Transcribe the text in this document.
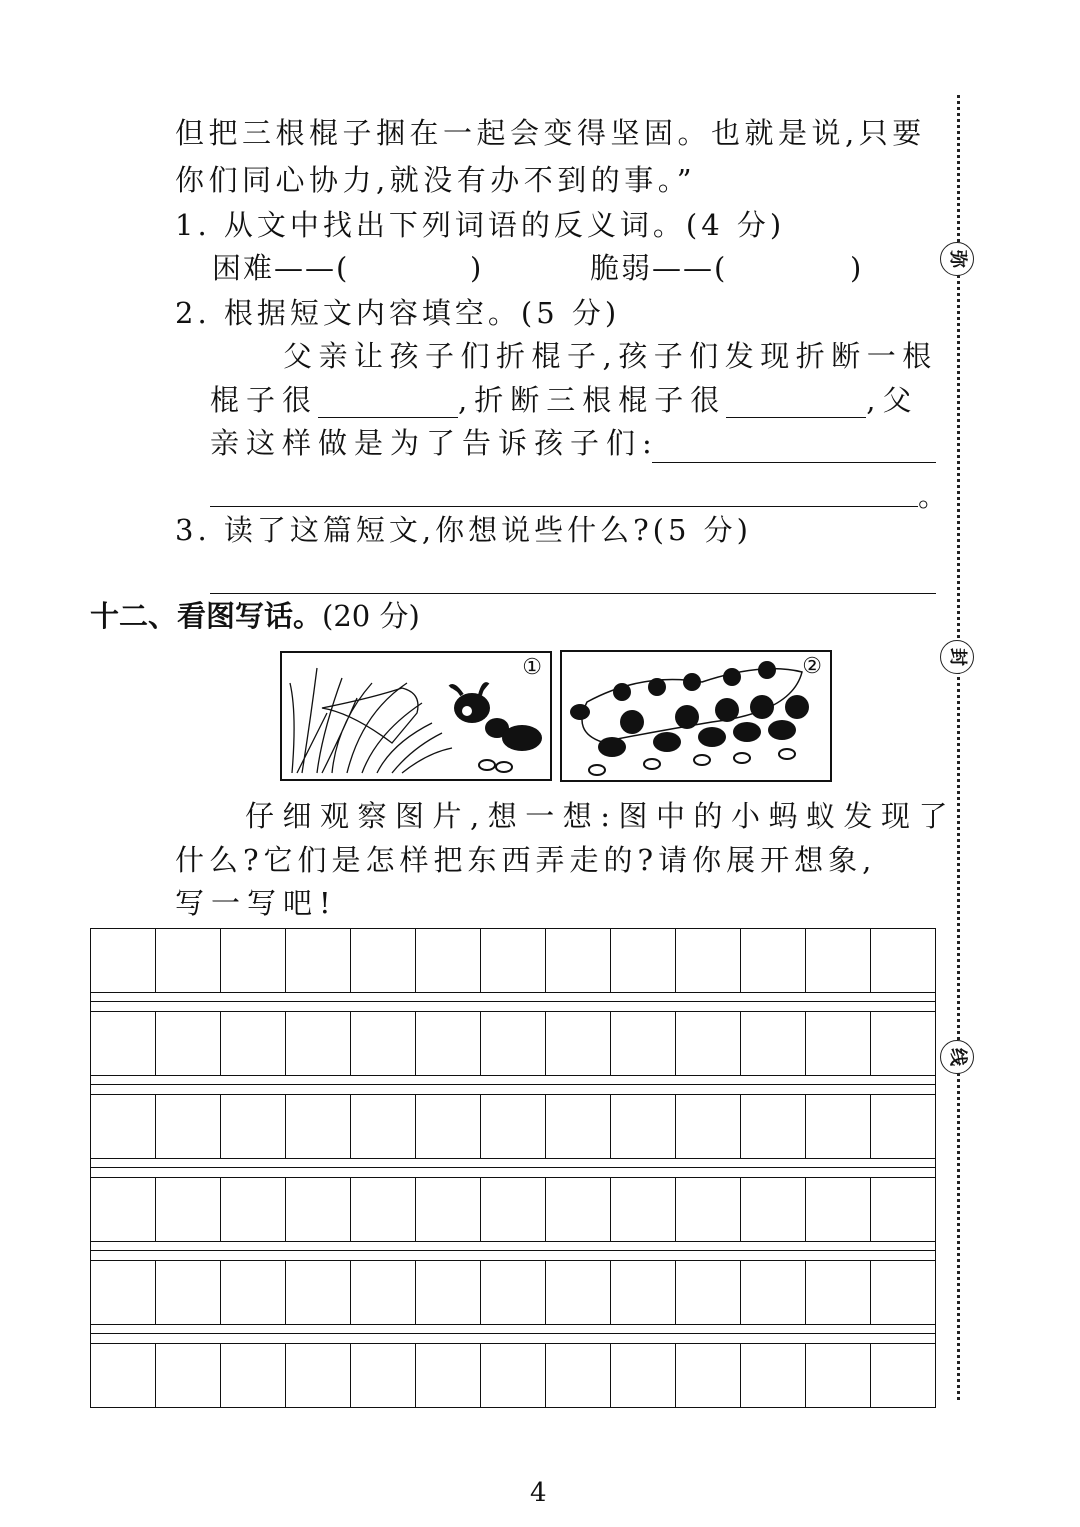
弥
封
线
但把三根棍子捆在一起会变得坚固。也就是说,只要
你们同心协力,就没有办不到的事。”
1. 从文中找出下列词语的反义词。(4 分)
困难——(	)	脆弱——(	)
2. 根据短文内容填空。(5 分)
父亲让孩子们折棍子,孩子们发现折断一根
棍子很	,折断三根棍子很	,父
亲这样做是为了告诉孩子们:
。
3. 读了这篇短文,你想说些什么?(5 分)
十二、看图写话。(20 分)
①	②
仔细观察图片,想一想:图中的小蚂蚁发现了
什么?它们是怎样把东西弄走的?请你展开想象,
写一写吧!
4
